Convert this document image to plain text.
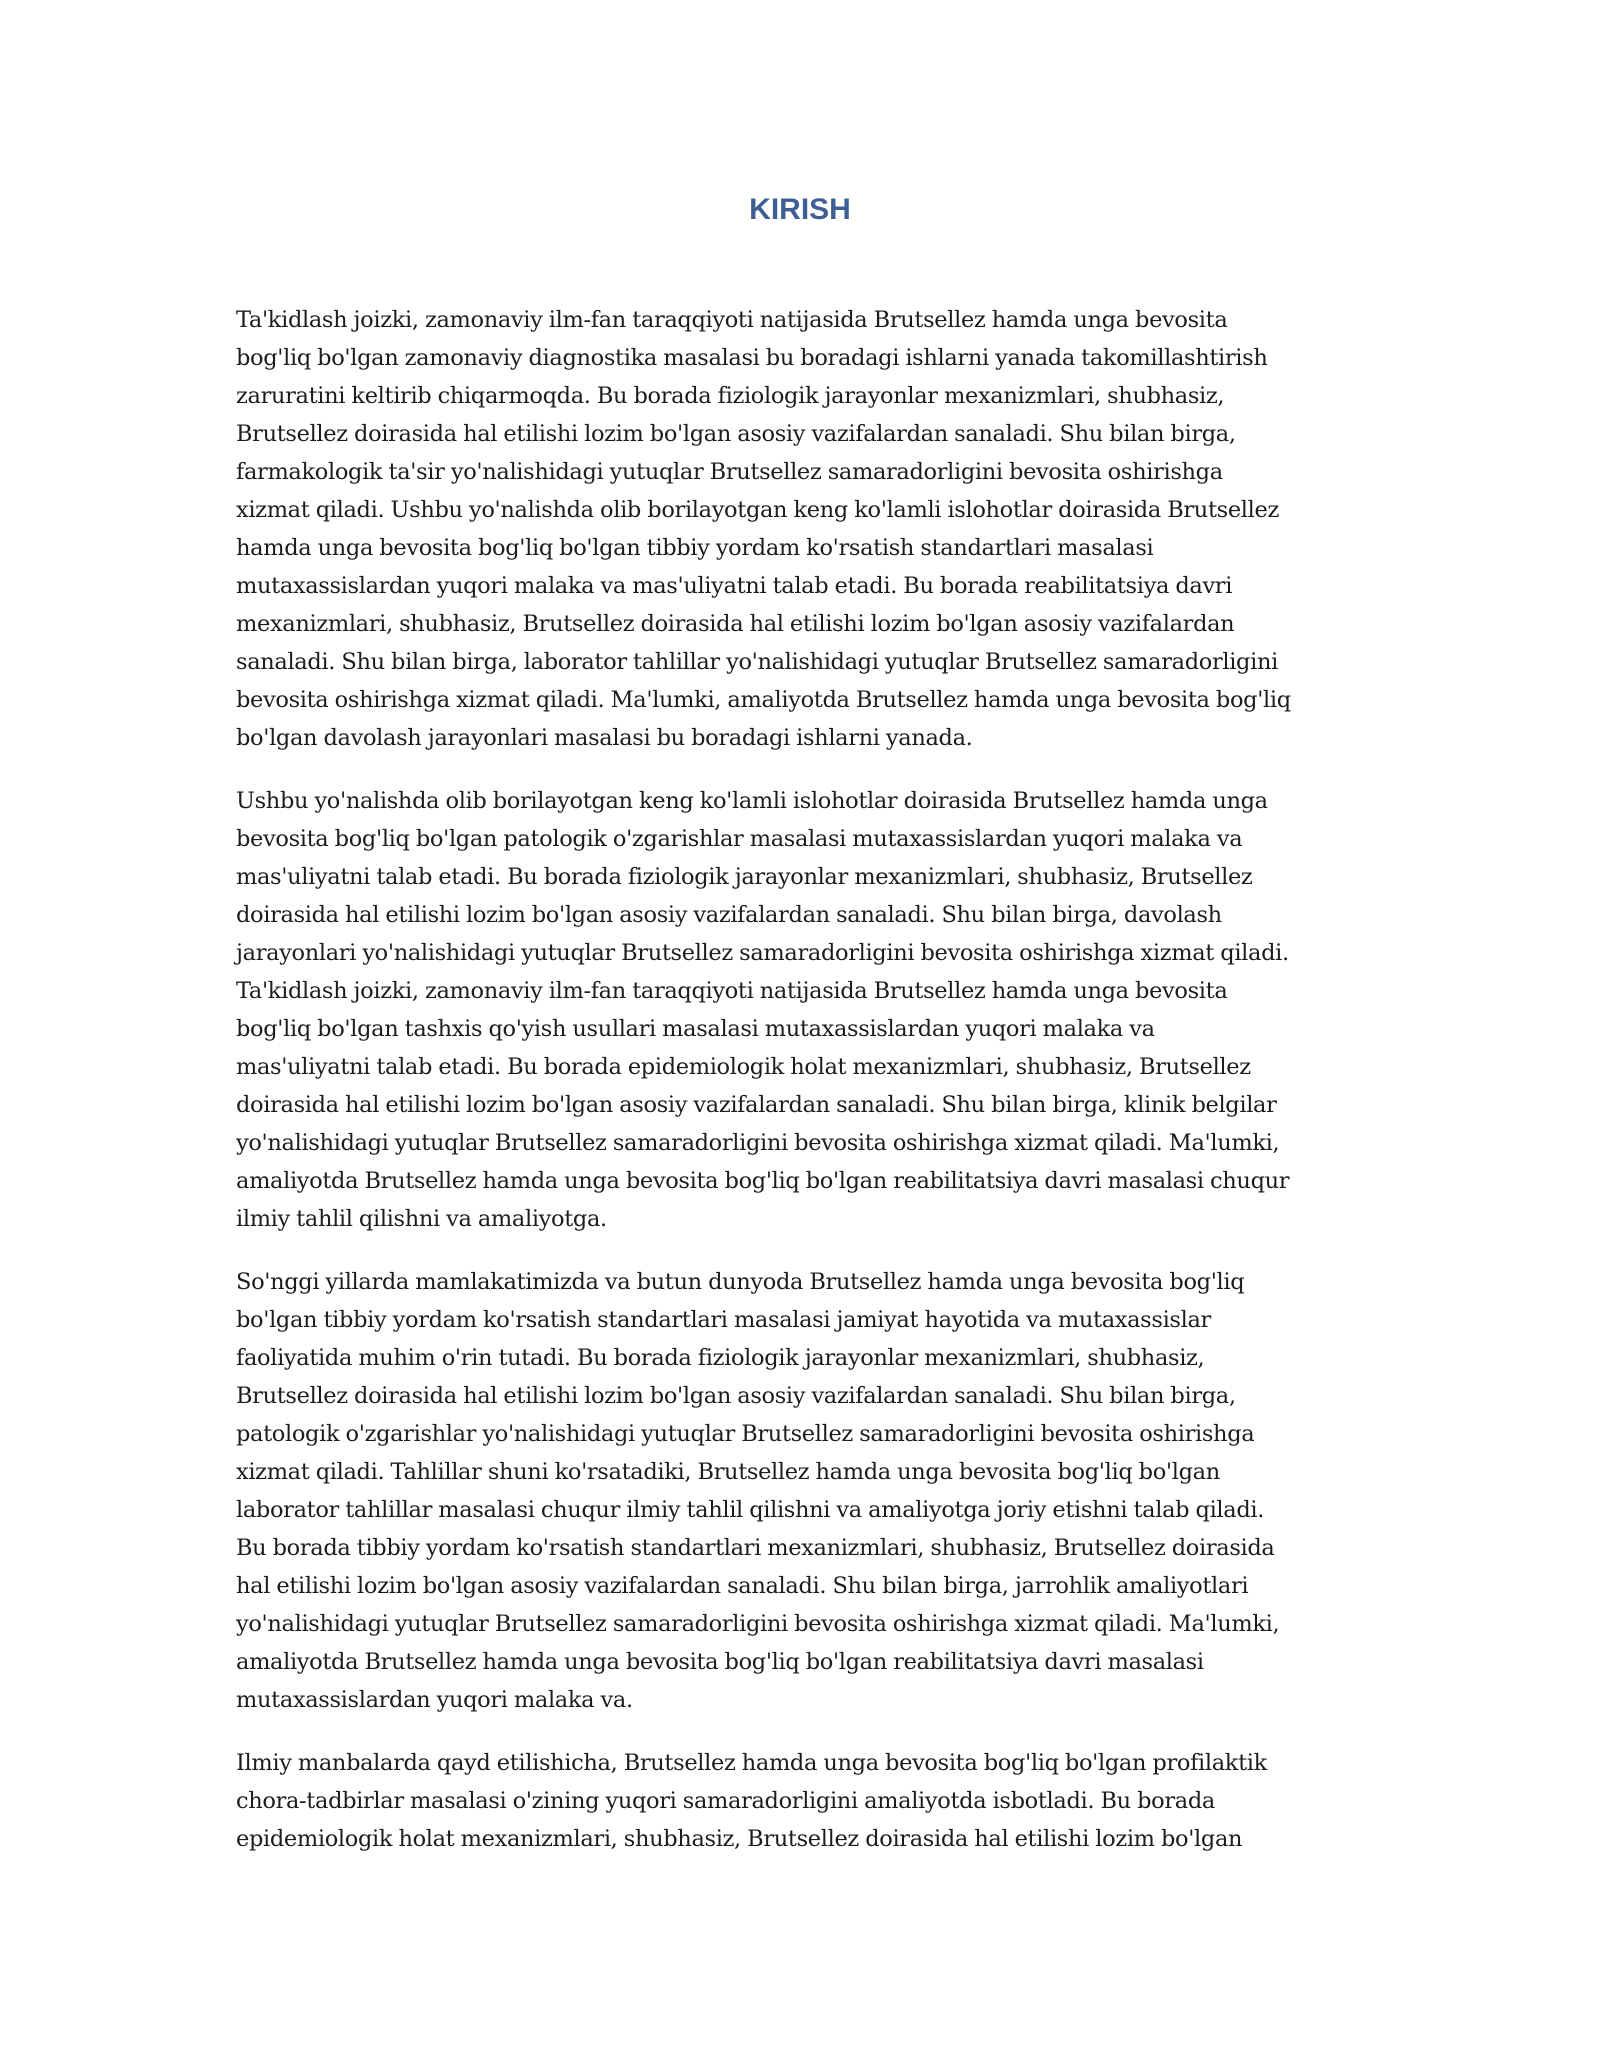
KIRISH

Ta'kidlash joizki, zamonaviy ilm-fan taraqqiyoti natijasida Brutsellez hamda unga bevosita
bog'liq bo'lgan zamonaviy diagnostika masalasi bu boradagi ishlarni yanada takomillashtirish
zaruratini keltirib chiqarmoqda. Bu borada fiziologik jarayonlar mexanizmlari, shubhasiz,
Brutsellez doirasida hal etilishi lozim bo'lgan asosiy vazifalardan sanaladi. Shu bilan birga,
farmakologik ta'sir yo'nalishidagi yutuqlar Brutsellez samaradorligini bevosita oshirishga
xizmat qiladi. Ushbu yo'nalishda olib borilayotgan keng ko'lamli islohotlar doirasida Brutsellez
hamda unga bevosita bog'liq bo'lgan tibbiy yordam ko'rsatish standartlari masalasi
mutaxassislardan yuqori malaka va mas'uliyatni talab etadi. Bu borada reabilitatsiya davri
mexanizmlari, shubhasiz, Brutsellez doirasida hal etilishi lozim bo'lgan asosiy vazifalardan
sanaladi. Shu bilan birga, laborator tahlillar yo'nalishidagi yutuqlar Brutsellez samaradorligini
bevosita oshirishga xizmat qiladi. Ma'lumki, amaliyotda Brutsellez hamda unga bevosita bog'liq
bo'lgan davolash jarayonlari masalasi bu boradagi ishlarni yanada.

Ushbu yo'nalishda olib borilayotgan keng ko'lamli islohotlar doirasida Brutsellez hamda unga
bevosita bog'liq bo'lgan patologik o'zgarishlar masalasi mutaxassislardan yuqori malaka va
mas'uliyatni talab etadi. Bu borada fiziologik jarayonlar mexanizmlari, shubhasiz, Brutsellez
doirasida hal etilishi lozim bo'lgan asosiy vazifalardan sanaladi. Shu bilan birga, davolash
jarayonlari yo'nalishidagi yutuqlar Brutsellez samaradorligini bevosita oshirishga xizmat qiladi.
Ta'kidlash joizki, zamonaviy ilm-fan taraqqiyoti natijasida Brutsellez hamda unga bevosita
bog'liq bo'lgan tashxis qo'yish usullari masalasi mutaxassislardan yuqori malaka va
mas'uliyatni talab etadi. Bu borada epidemiologik holat mexanizmlari, shubhasiz, Brutsellez
doirasida hal etilishi lozim bo'lgan asosiy vazifalardan sanaladi. Shu bilan birga, klinik belgilar
yo'nalishidagi yutuqlar Brutsellez samaradorligini bevosita oshirishga xizmat qiladi. Ma'lumki,
amaliyotda Brutsellez hamda unga bevosita bog'liq bo'lgan reabilitatsiya davri masalasi chuqur
ilmiy tahlil qilishni va amaliyotga.

So'nggi yillarda mamlakatimizda va butun dunyoda Brutsellez hamda unga bevosita bog'liq
bo'lgan tibbiy yordam ko'rsatish standartlari masalasi jamiyat hayotida va mutaxassislar
faoliyatida muhim o'rin tutadi. Bu borada fiziologik jarayonlar mexanizmlari, shubhasiz,
Brutsellez doirasida hal etilishi lozim bo'lgan asosiy vazifalardan sanaladi. Shu bilan birga,
patologik o'zgarishlar yo'nalishidagi yutuqlar Brutsellez samaradorligini bevosita oshirishga
xizmat qiladi. Tahlillar shuni ko'rsatadiki, Brutsellez hamda unga bevosita bog'liq bo'lgan
laborator tahlillar masalasi chuqur ilmiy tahlil qilishni va amaliyotga joriy etishni talab qiladi.
Bu borada tibbiy yordam ko'rsatish standartlari mexanizmlari, shubhasiz, Brutsellez doirasida
hal etilishi lozim bo'lgan asosiy vazifalardan sanaladi. Shu bilan birga, jarrohlik amaliyotlari
yo'nalishidagi yutuqlar Brutsellez samaradorligini bevosita oshirishga xizmat qiladi. Ma'lumki,
amaliyotda Brutsellez hamda unga bevosita bog'liq bo'lgan reabilitatsiya davri masalasi
mutaxassislardan yuqori malaka va.

Ilmiy manbalarda qayd etilishicha, Brutsellez hamda unga bevosita bog'liq bo'lgan profilaktik
chora-tadbirlar masalasi o'zining yuqori samaradorligini amaliyotda isbotladi. Bu borada
epidemiologik holat mexanizmlari, shubhasiz, Brutsellez doirasida hal etilishi lozim bo'lgan
